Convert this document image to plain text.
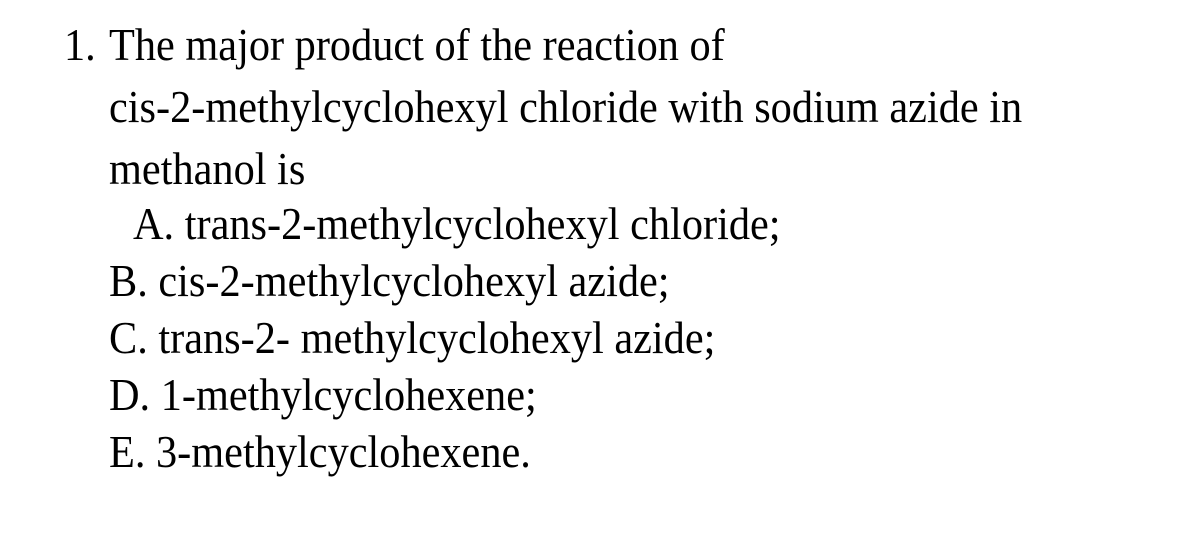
1. The major product of the reaction of
cis-2-methylcyclohexyl chloride with sodium azide in
methanol is
A. trans-2-methylcyclohexyl chloride;
B. cis-2-methylcyclohexyl azide;
C. trans-2- methylcyclohexyl azide;
D. 1-methylcyclohexene;
E. 3-methylcyclohexene.
